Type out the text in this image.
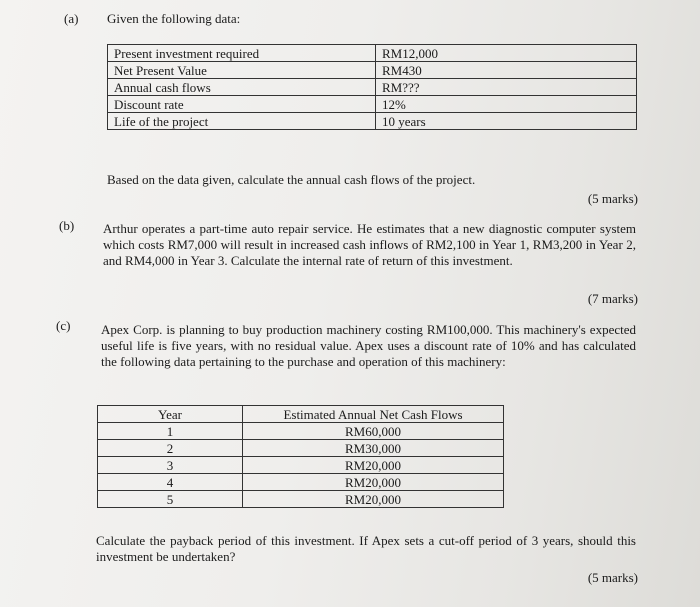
(a) Given the following data:
Present investment required	RM12,000
Net Present Value	RM430
Annual cash flows	RM???
Discount rate	12%
Life of the project	10 years
Based on the data given, calculate the annual cash flows of the project.
(5 marks)
(b) Arthur operates a part-time auto repair service. He estimates that a new diagnostic computer system which costs RM7,000 will result in increased cash inflows of RM2,100 in Year 1, RM3,200 in Year 2, and RM4,000 in Year 3. Calculate the internal rate of return of this investment.
(7 marks)
(c) Apex Corp. is planning to buy production machinery costing RM100,000. This machinery's expected useful life is five years, with no residual value. Apex uses a discount rate of 10% and has calculated the following data pertaining to the purchase and operation of this machinery:
Year	Estimated Annual Net Cash Flows
1	RM60,000
2	RM30,000
3	RM20,000
4	RM20,000
5	RM20,000
Calculate the payback period of this investment. If Apex sets a cut-off period of 3 years, should this investment be undertaken?
(5 marks)
